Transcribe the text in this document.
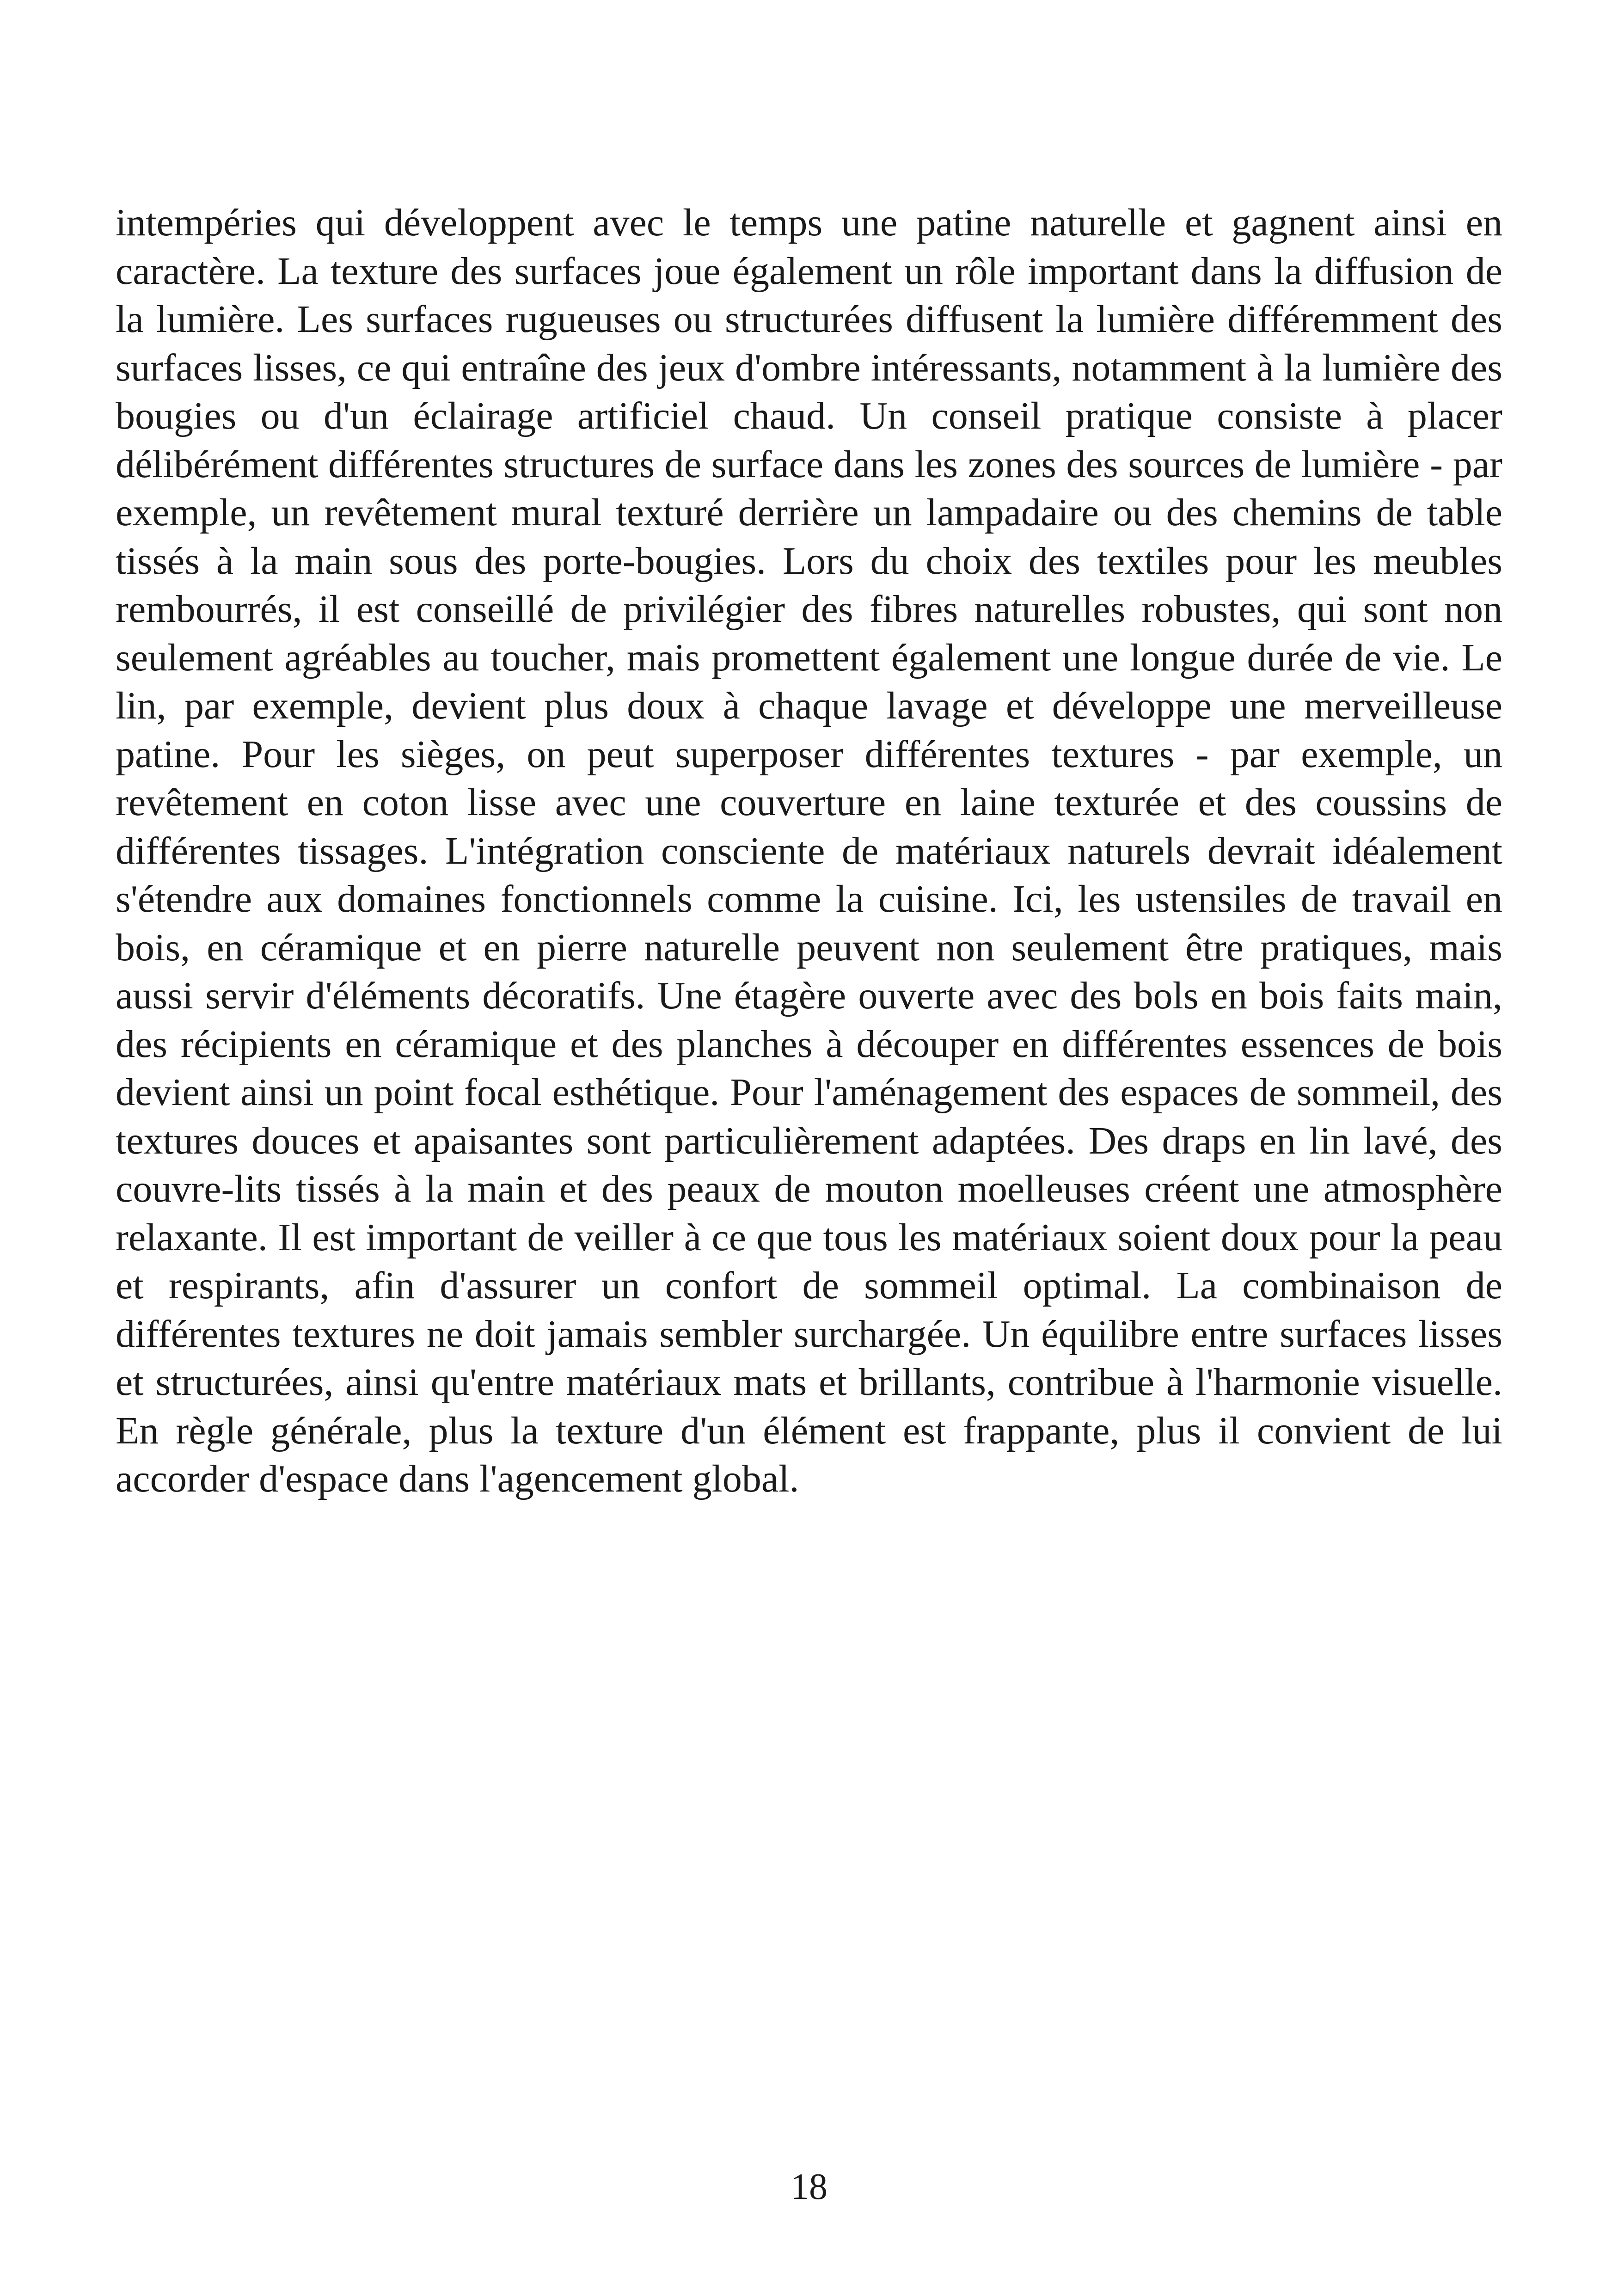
intempéries qui développent avec le temps une patine naturelle et gagnent ainsi en caractère. La texture des surfaces joue également un rôle important dans la diffusion de la lumière. Les surfaces rugueuses ou structurées diffusent la lumière différemment des surfaces lisses, ce qui entraîne des jeux d'ombre intéressants, notamment à la lumière des bougies ou d'un éclairage artificiel chaud. Un conseil pratique consiste à placer délibérément différentes structures de surface dans les zones des sources de lumière - par exemple, un revêtement mural texturé derrière un lampadaire ou des chemins de table tissés à la main sous des porte-bougies. Lors du choix des textiles pour les meubles rembourrés, il est conseillé de privilégier des fibres naturelles robustes, qui sont non seulement agréables au toucher, mais promettent également une longue durée de vie. Le lin, par exemple, devient plus doux à chaque lavage et développe une merveilleuse patine. Pour les sièges, on peut superposer différentes textures - par exemple, un revêtement en coton lisse avec une couverture en laine texturée et des coussins de différentes tissages. L'intégration consciente de matériaux naturels devrait idéalement s'étendre aux domaines fonctionnels comme la cuisine. Ici, les ustensiles de travail en bois, en céramique et en pierre naturelle peuvent non seulement être pratiques, mais aussi servir d'éléments décoratifs. Une étagère ouverte avec des bols en bois faits main, des récipients en céramique et des planches à découper en différentes essences de bois devient ainsi un point focal esthétique. Pour l'aménagement des espaces de sommeil, des textures douces et apaisantes sont particulièrement adaptées. Des draps en lin lavé, des couvre-lits tissés à la main et des peaux de mouton moelleuses créent une atmosphère relaxante. Il est important de veiller à ce que tous les matériaux soient doux pour la peau et respirants, afin d'assurer un confort de sommeil optimal. La combinaison de différentes textures ne doit jamais sembler surchargée. Un équilibre entre surfaces lisses et structurées, ainsi qu'entre matériaux mats et brillants, contribue à l'harmonie visuelle. En règle générale, plus la texture d'un élément est frappante, plus il convient de lui accorder d'espace dans l'agencement global.

18
